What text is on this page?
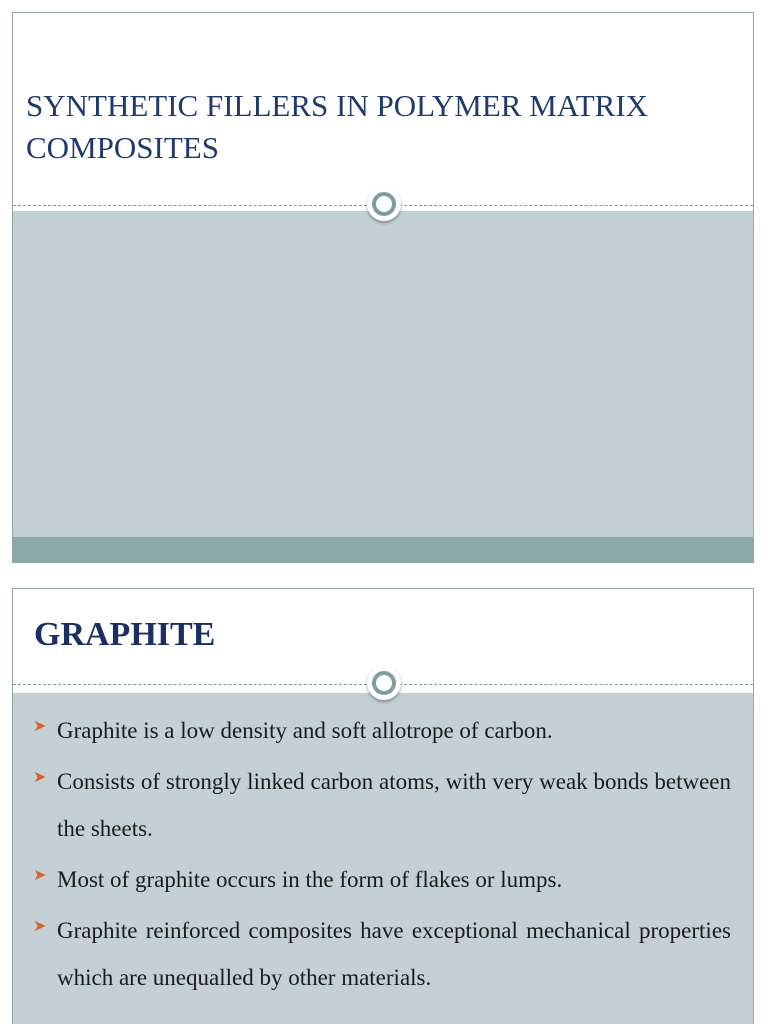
SYNTHETIC FILLERS IN POLYMER MATRIX COMPOSITES
GRAPHITE
➤ Graphite is a low density and soft allotrope of carbon.
➤ Consists of strongly linked carbon atoms, with very weak bonds between the sheets.
➤ Most of graphite occurs in the form of flakes or lumps.
➤ Graphite reinforced composites have exceptional mechanical properties which are unequalled by other materials.
